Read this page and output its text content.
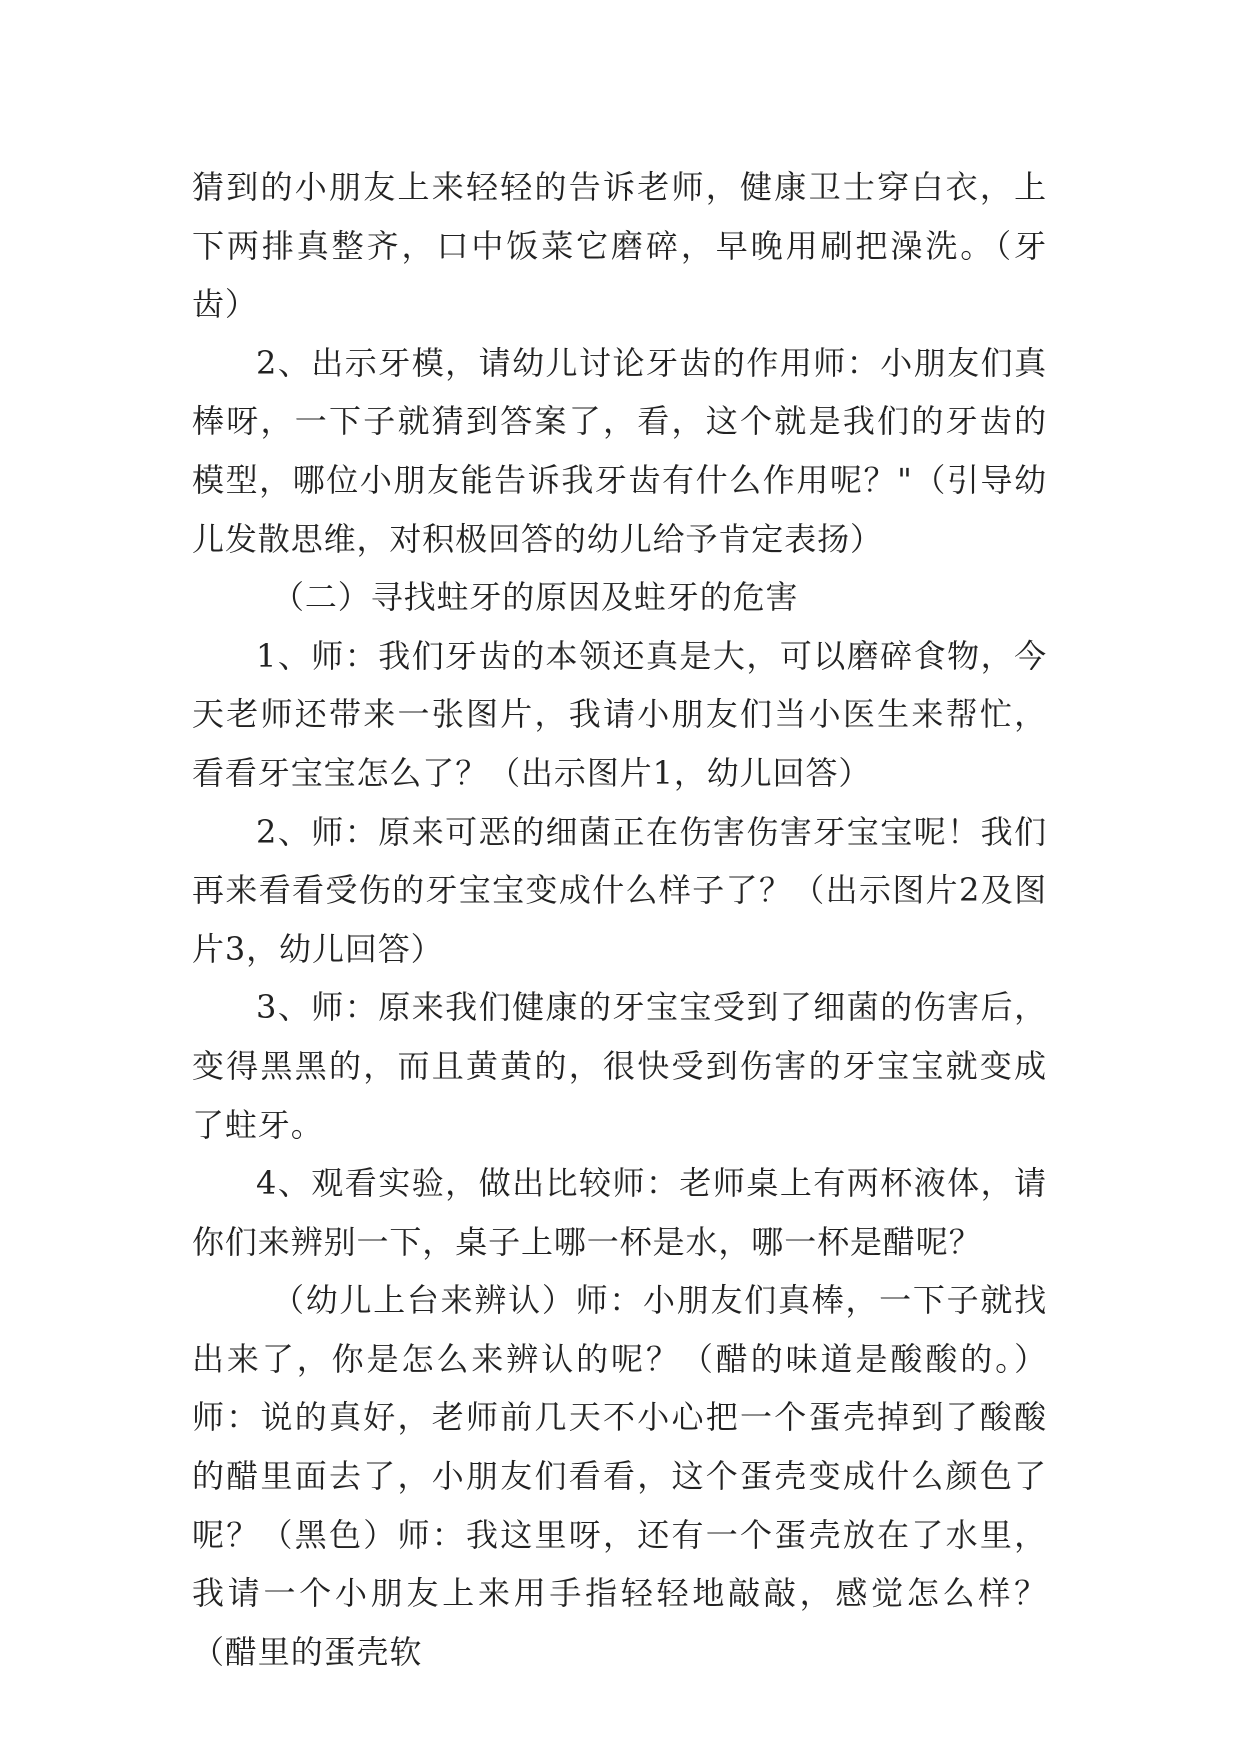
猜到的小朋友上来轻轻的告诉老师，健康卫士穿白衣，上下两排真整齐，口中饭菜它磨碎，早晚用刷把澡洗。（牙齿）

2、出示牙模，请幼儿讨论牙齿的作用师：小朋友们真棒呀，一下子就猜到答案了，看，这个就是我们的牙齿的模型，哪位小朋友能告诉我牙齿有什么作用呢？"（引导幼儿发散思维，对积极回答的幼儿给予肯定表扬）

（二）寻找蛀牙的原因及蛀牙的危害

1、师：我们牙齿的本领还真是大，可以磨碎食物，今天老师还带来一张图片，我请小朋友们当小医生来帮忙，看看牙宝宝怎么了？（出示图片1，幼儿回答）

2、师：原来可恶的细菌正在伤害伤害牙宝宝呢！我们再来看看受伤的牙宝宝变成什么样子了？（出示图片2及图片3，幼儿回答）

3、师：原来我们健康的牙宝宝受到了细菌的伤害后，变得黑黑的，而且黄黄的，很快受到伤害的牙宝宝就变成了蛀牙。

4、观看实验，做出比较师：老师桌上有两杯液体，请你们来辨别一下，桌子上哪一杯是水，哪一杯是醋呢？

（幼儿上台来辨认）师：小朋友们真棒，一下子就找出来了，你是怎么来辨认的呢？（醋的味道是酸酸的。）师：说的真好，老师前几天不小心把一个蛋壳掉到了酸酸的醋里面去了，小朋友们看看，这个蛋壳变成什么颜色了呢？（黑色）师：我这里呀，还有一个蛋壳放在了水里，我请一个小朋友上来用手指轻轻地敲敲，感觉怎么样？（醋里的蛋壳软
